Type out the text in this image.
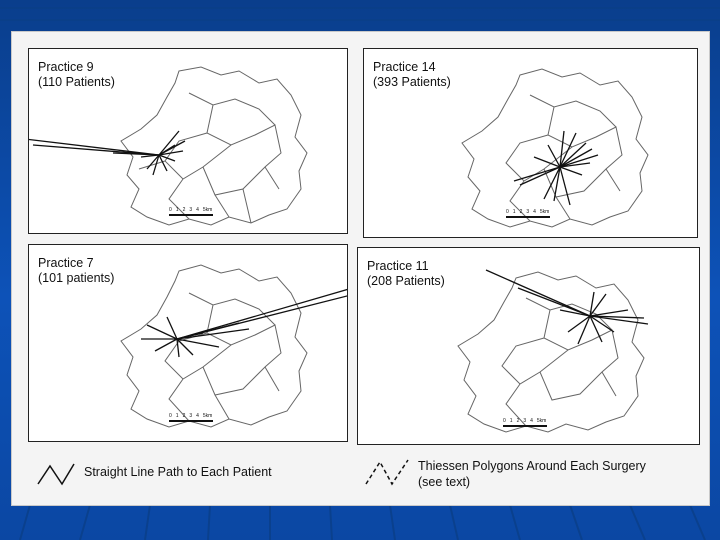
Practice 9
(110 Patients)
0 1 2 3 4 5km
Practice 14
(393 Patients)
0 1 2 3 4 5km
Practice 7
(101 patients)
0 1 2 3 4 5km
Practice 11
(208 Patients)
0 1 2 3 4 5km
Straight Line Path to Each Patient	Thiessen Polygons Around Each Surgery
(see text)
